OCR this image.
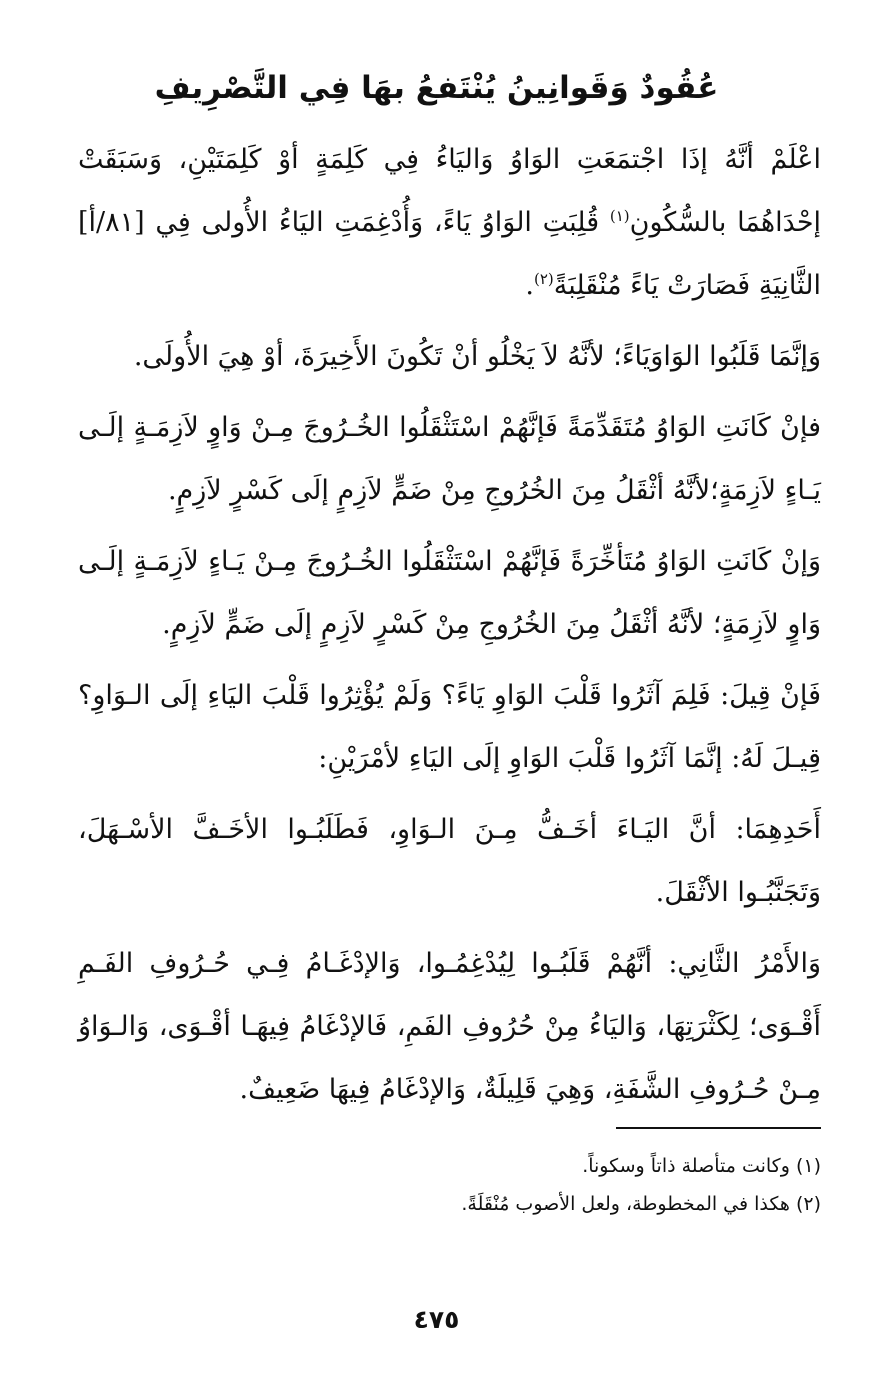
عُقُودٌ وَقَوانِينُ يُنْتَفعُ بهَا فِي التَّصْرِيفِ

اعْلَمْ أنَّهُ إذَا اجْتمَعَتِ الوَاوُ وَاليَاءُ فِي كَلِمَةٍ أوْ كَلِمَتَيْنِ، وَسَبَقَتْ إحْدَاهُمَا بالسُّكُونِ$^{(١)}$ قُلِبَتِ الوَاوُ يَاءً، وَأُدْغِمَتِ اليَاءُ الأُولى فِي [٨١/أ] الثَّانِيَةِ فَصَارَتْ يَاءً مُنْقَلِبَةً$^{(٢)}$.

وَإنَّمَا قَلَبُوا الوَاوَيَاءً؛ لأنَّهُ لاَ يَخْلُو أنْ تَكُونَ الأَخِيرَةَ، أوْ هِيَ الأُولَى.

فإنْ كَانَتِ الوَاوُ مُتَقَدِّمَةً فَإنَّهُمْ اسْتَثْقَلُوا الخُـرُوجَ مِـنْ وَاوٍ لاَزِمَـةٍ إلَـى يَـاءٍ لاَزِمَةٍ؛لأنَّهُ أثْقَلُ مِنَ الخُرُوجِ مِنْ ضَمٍّ لاَزِمٍ إلَى كَسْرٍ لاَزِمٍ.

وَإنْ كَانَتِ الوَاوُ مُتَأخِّرَةً فَإنَّهُمْ اسْتَثْقَلُوا الخُـرُوجَ مِـنْ يَـاءٍ لاَزِمَـةٍ إلَـى وَاوٍ لاَزِمَةٍ؛ لأنَّهُ أثْقَلُ مِنَ الخُرُوجِ مِنْ كَسْرٍ لاَزِمٍ إلَى ضَمٍّ لاَزِمٍ.

فَإنْ قِيلَ: فَلِمَ آثَرُوا قَلْبَ الوَاوِ يَاءً؟ وَلَمْ يُؤْثِرُوا قَلْبَ اليَاءِ إلَى الـوَاوِ؟ قِيـلَ لَهُ: إنَّمَا آثَرُوا قَلْبَ الوَاوِ إلَى اليَاءِ لأمْرَيْنِ:

أَحَدِهِمَا: أنَّ اليَـاءَ أخَـفُّ مِـنَ الـوَاوِ، فَطَلَبُـوا الأخَـفَّ الأسْـهَلَ، وَتَجَنَّبُـوا الأثْقَلَ.

وَالأَمْرُ الثَّانِي: أنَّهُمْ قَلَبُـوا لِيُدْغِمُـوا، وَالإدْغَـامُ فِـي حُـرُوفِ الفَـمِ أَقْـوَى؛ لِكَثْرَتِهَا، وَاليَاءُ مِنْ حُرُوفِ الفَمِ، فَالإدْغَامُ فِيهَـا أقْـوَى، وَالـوَاوُ مِـنْ حُـرُوفِ الشَّفَةِ، وَهِيَ قَلِيلَةٌ، وَالإدْغَامُ فِيهَا ضَعِيفٌ.

(١) وكانت متأصلة ذاتاً وسكوناً.
(٢) هكذا في المخطوطة، ولعل الأصوب مُنْقَلَةً.
٤٧٥
